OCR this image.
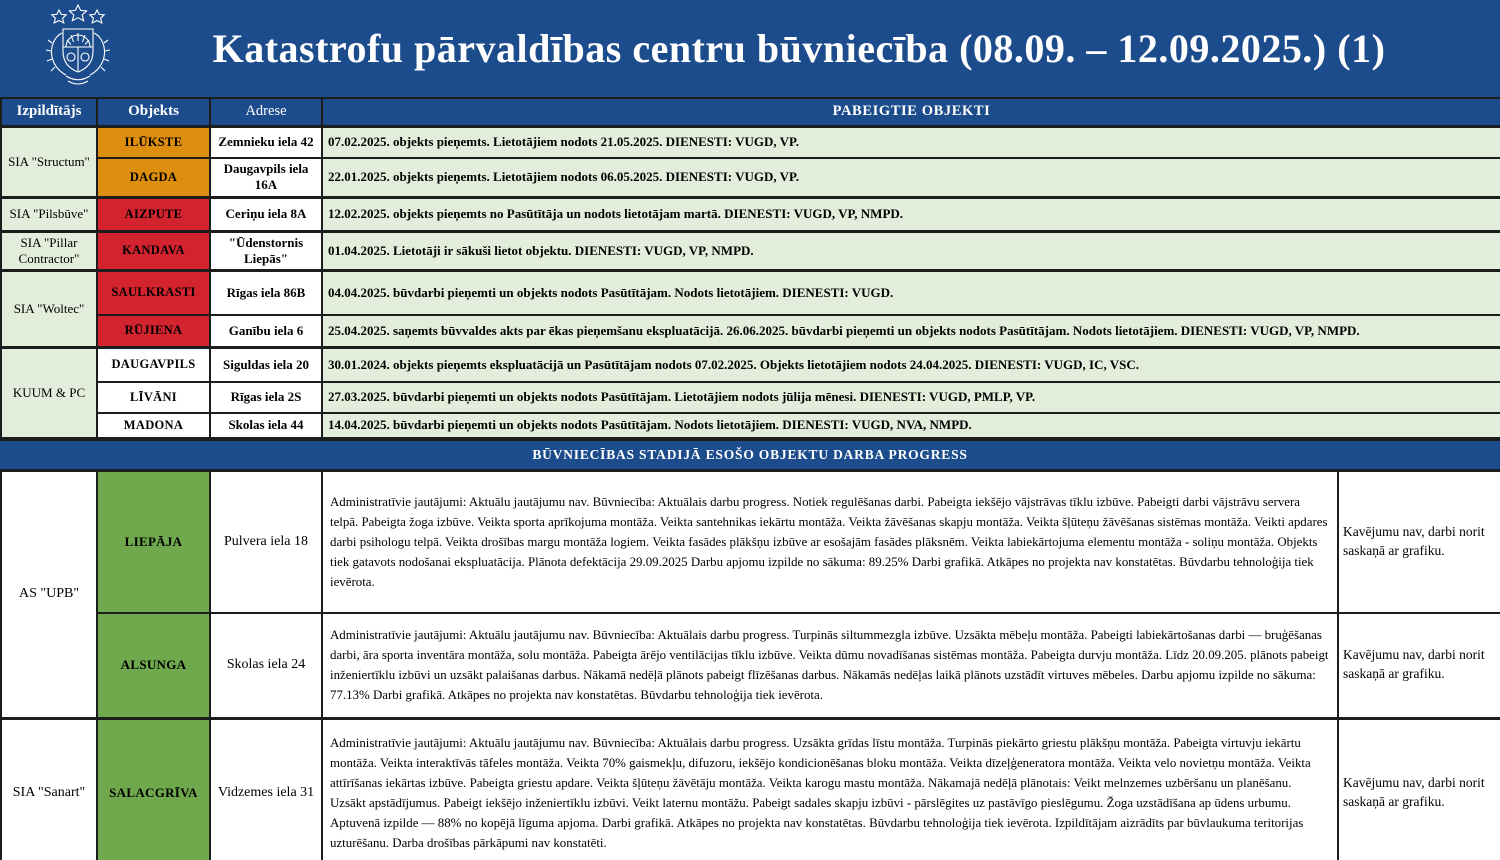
Katastrofu pārvaldības centru būvniecība (08.09. – 12.09.2025.) (1)
Izpildītājs	Objekts	Adrese	PABEIGTIE OBJEKTI
SIA "Structum"	ILŪKSTE	Zemnieku iela 42	07.02.2025. objekts pieņemts. Lietotājiem nodots 21.05.2025. DIENESTI: VUGD, VP.
	DAGDA	Daugavpils iela 16A	22.01.2025. objekts pieņemts. Lietotājiem nodots 06.05.2025. DIENESTI: VUGD, VP.
SIA "Pilsbūve"	AIZPUTE	Ceriņu iela 8A	12.02.2025. objekts pieņemts no Pasūtītāja un nodots lietotājam martā. DIENESTI: VUGD, VP, NMPD.
SIA "Pillar Contractor"	KANDAVA	"Ūdenstornis Liepās"	01.04.2025. Lietotāji ir sākuši lietot objektu. DIENESTI: VUGD, VP, NMPD.
SIA "Woltec"	SAULKRASTI	Rīgas iela 86B	04.04.2025. būvdarbi pieņemti un objekts nodots Pasūtītājam. Nodots lietotājiem. DIENESTI: VUGD.
	RŪJIENA	Ganību iela 6	25.04.2025. saņemts būvvaldes akts par ēkas pieņemšanu ekspluatācijā. 26.06.2025. būvdarbi pieņemti un objekts nodots Pasūtītājam. Nodots lietotājiem. DIENESTI: VUGD, VP, NMPD.
KUUM & PC	DAUGAVPILS	Siguldas iela 20	30.01.2024. objekts pieņemts ekspluatācijā un Pasūtītājam nodots 07.02.2025. Objekts lietotājiem nodots 24.04.2025. DIENESTI: VUGD, IC, VSC.
	LĪVĀNI	Rīgas iela 2S	27.03.2025. būvdarbi pieņemti un objekts nodots Pasūtītājam. Lietotājiem nodots jūlija mēnesi. DIENESTI: VUGD, PMLP, VP.
	MADONA	Skolas iela 44	14.04.2025. būvdarbi pieņemti un objekts nodots Pasūtītājam. Nodots lietotājiem. DIENESTI: VUGD, NVA, NMPD.
BŪVNIECĪBAS STADIJĀ ESOŠO OBJEKTU DARBA PROGRESS
AS "UPB"	LIEPĀJA	Pulvera iela 18	Administratīvie jautājumi: Aktuālu jautājumu nav. Būvniecība: Aktuālais darbu progress. Notiek regulēšanas darbi. Pabeigta iekšējo vājstrāvas tīklu izbūve. Pabeigti darbi vājstrāvu servera telpā. Pabeigta žoga izbūve. Veikta sporta aprīkojuma montāža. Veikta santehnikas iekārtu montāža. Veikta žāvēšanas skapju montāža. Veikta šļūteņu žāvēšanas sistēmas montāža. Veikti apdares darbi psihologu telpā. Veikta drošības margu montāža logiem. Veikta fasādes plākšņu izbūve ar esošajām fasādes plāksnēm. Veikta labiekārtojuma elementu montāža - soliņu montāža. Objekts tiek gatavots nodošanai ekspluatācija. Plānota defektācija 29.09.2025 Darbu apjomu izpilde no sākuma: 89.25% Darbi grafikā. Atkāpes no projekta nav konstatētas. Būvdarbu tehnoloģija tiek ievērota.	Kavējumu nav, darbi norit saskaņā ar grafiku.
	ALSUNGA	Skolas iela 24	Administratīvie jautājumi: Aktuālu jautājumu nav. Būvniecība: Aktuālais darbu progress. Turpinās siltummezgla izbūve. Uzsākta mēbeļu montāža. Pabeigti labiekārtošanas darbi — bruģēšanas darbi, āra sporta inventāra montāža, solu montāža. Pabeigta ārējo ventilācijas tīklu izbūve. Veikta dūmu novadīšanas sistēmas montāža. Pabeigta durvju montāža. Līdz 20.09.205. plānots pabeigt inženiertīklu izbūvi un uzsākt palaišanas darbus. Nākamā nedēļā plānots pabeigt flīzēšanas darbus. Nākamās nedēļas laikā plānots uzstādīt virtuves mēbeles. Darbu apjomu izpilde no sākuma: 77.13% Darbi grafikā. Atkāpes no projekta nav konstatētas. Būvdarbu tehnoloģija tiek ievērota.	Kavējumu nav, darbi norit saskaņā ar grafiku.
SIA "Sanart"	SALACGRĪVA	Vidzemes iela 31	Administratīvie jautājumi: Aktuālu jautājumu nav. Būvniecība: Aktuālais darbu progress. Uzsākta grīdas līstu montāža. Turpinās piekārto griestu plākšņu montāža. Pabeigta virtuvju iekārtu montāža. Veikta interaktīvās tāfeles montāža. Veikta 70% gaismekļu, difuzoru, iekšējo kondicionēšanas bloku montāža. Veikta dīzeļģeneratora montāža. Veikta velo novietņu montāža. Veikta attīrīšanas iekārtas izbūve. Pabeigta griestu apdare. Veikta šļūteņu žāvētāju montāža. Veikta karogu mastu montāža. Nākamajā nedēļā plānotais: Veikt melnzemes uzbēršanu un planēšanu. Uzsākt apstādījumus. Pabeigt iekšējo inženiertīklu izbūvi. Veikt laternu montāžu. Pabeigt sadales skapju izbūvi - pārslēgites uz pastāvīgo pieslēgumu. Žoga uzstādīšana ap ūdens urbumu. Aptuvenā izpilde — 88% no kopējā līguma apjoma. Darbi grafikā. Atkāpes no projekta nav konstatētas. Būvdarbu tehnoloģija tiek ievērota. Izpildītājam aizrādīts par būvlaukuma teritorijas uzturēšanu. Darba drošības pārkāpumi nav konstatēti.	Kavējumu nav, darbi norit saskaņā ar grafiku.
